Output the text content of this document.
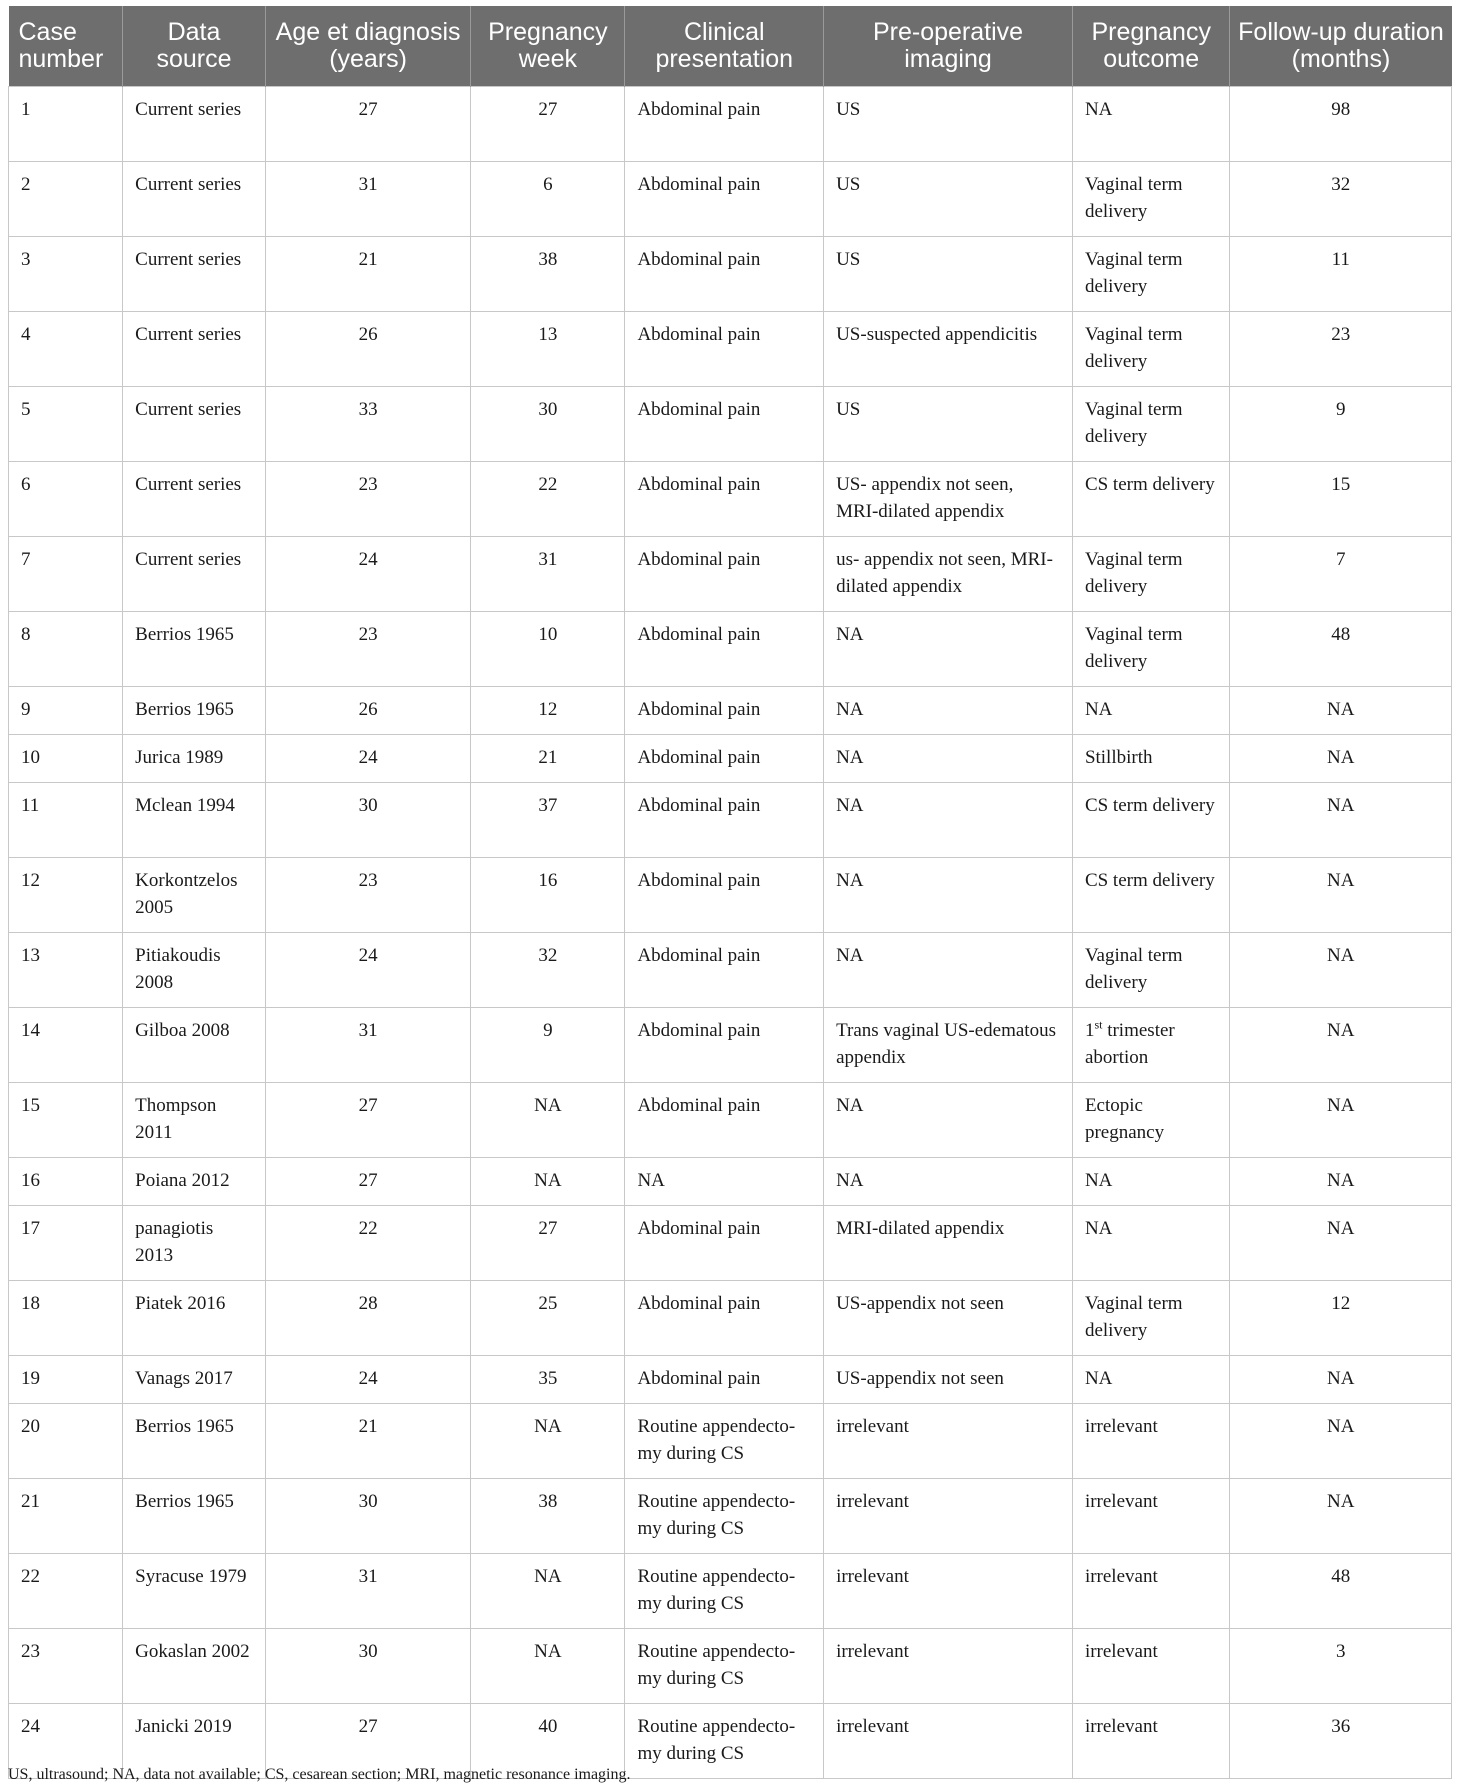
Case number	Data source	Age et diagnosis (years)	Pregnancy week	Clinical presentation	Pre-operative imaging	Pregnancy outcome	Follow-up duration (months)
1	Current series	27	27	Abdominal pain	US	NA	98
2	Current series	31	6	Abdominal pain	US	Vaginal term delivery	32
3	Current series	21	38	Abdominal pain	US	Vaginal term delivery	11
4	Current series	26	13	Abdominal pain	US-suspected appendicitis	Vaginal term delivery	23
5	Current series	33	30	Abdominal pain	US	Vaginal term delivery	9
6	Current series	23	22	Abdominal pain	US- appendix not seen, MRI-dilated appendix	CS term delivery	15
7	Current series	24	31	Abdominal pain	us- appendix not seen, MRI-dilated appendix	Vaginal term delivery	7
8	Berrios 1965	23	10	Abdominal pain	NA	Vaginal term delivery	48
9	Berrios 1965	26	12	Abdominal pain	NA	NA	NA
10	Jurica 1989	24	21	Abdominal pain	NA	Stillbirth	NA
11	Mclean 1994	30	37	Abdominal pain	NA	CS term delivery	NA
12	Korkontzelos 2005	23	16	Abdominal pain	NA	CS term delivery	NA
13	Pitiakoudis 2008	24	32	Abdominal pain	NA	Vaginal term delivery	NA
14	Gilboa 2008	31	9	Abdominal pain	Trans vaginal US-edematous appendix	1st trimester abortion	NA
15	Thompson 2011	27	NA	Abdominal pain	NA	Ectopic pregnancy	NA
16	Poiana 2012	27	NA	NA	NA	NA	NA
17	panagiotis 2013	22	27	Abdominal pain	MRI-dilated appendix	NA	NA
18	Piatek 2016	28	25	Abdominal pain	US-appendix not seen	Vaginal term delivery	12
19	Vanags 2017	24	35	Abdominal pain	US-appendix not seen	NA	NA
20	Berrios 1965	21	NA	Routine appendecto-my during CS	irrelevant	irrelevant	NA
21	Berrios 1965	30	38	Routine appendecto-my during CS	irrelevant	irrelevant	NA
22	Syracuse 1979	31	NA	Routine appendecto-my during CS	irrelevant	irrelevant	48
23	Gokaslan 2002	30	NA	Routine appendecto-my during CS	irrelevant	irrelevant	3
24	Janicki 2019	27	40	Routine appendecto-my during CS	irrelevant	irrelevant	36
US, ultrasound; NA, data not available; CS, cesarean section; MRI, magnetic resonance imaging.
